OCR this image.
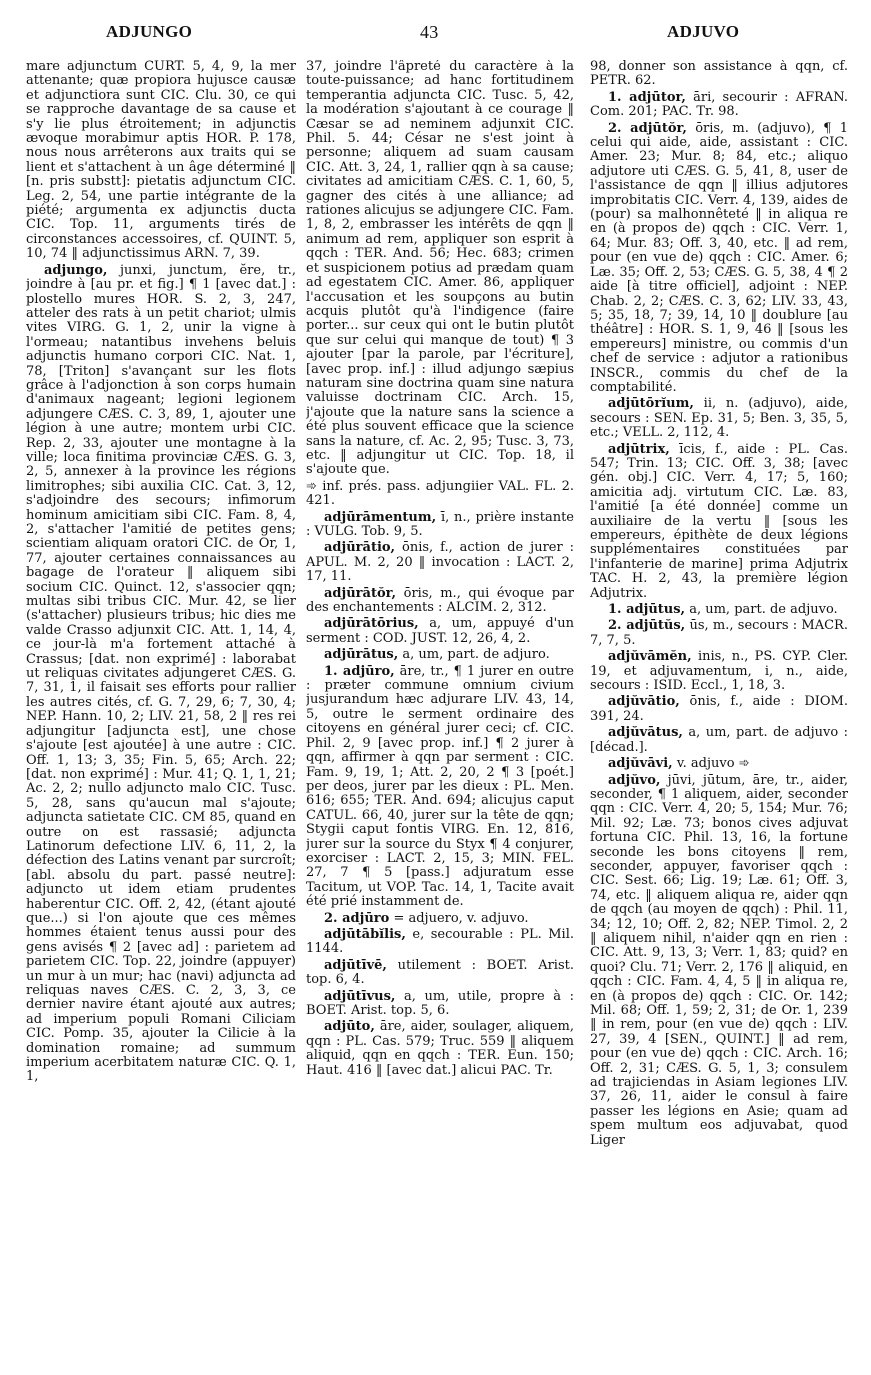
ADJUNGO	43	ADJUVO

mare adjunctum CURT. 5, 4, 9, la mer attenante; quæ propiora hujusce causæ et adjunctiora sunt CIC. Clu. 30, ce qui se rapproche davantage de sa cause et s'y lie plus étroitement; in adjunctis ævoque morabimur aptis HOR. P. 178, nous nous arrêterons aux traits qui se lient et s'attachent à un âge déterminé ‖ [n. pris substt]: pietatis adjunctum CIC. Leg. 2, 54, une partie intégrante de la piété; argumenta ex adjunctis ducta CIC. Top. 11, arguments tirés de circonstances accessoires, cf. QUINT. 5, 10, 74 ‖ adjunctissimus ARN. 7, 39.

adjungo, junxi, junctum, ĕre, tr., joindre à [au pr. et fig.] ¶ 1 [avec dat.] : plostello mures HOR. S. 2, 3, 247, atteler des rats à un petit chariot; ulmis vites VIRG. G. 1, 2, unir la vigne à l'ormeau; natantibus invehens beluis adjunctis humano corpori CIC. Nat. 1, 78, [Triton] s'avançant sur les flots grâce à l'adjonction à son corps humain d'animaux nageant; legioni legionem adjungere CÆS. C. 3, 89, 1, ajouter une légion à une autre; montem urbi CIC. Rep. 2, 33, ajouter une montagne à la ville; loca finitima provinciæ CÆS. G. 3, 2, 5, annexer à la province les régions limitrophes; sibi auxilia CIC. Cat. 3, 12, s'adjoindre des secours; infimorum hominum amicitiam sibi CIC. Fam. 8, 4, 2, s'attacher l'amitié de petites gens; scientiam aliquam oratori CIC. de Or, 1, 77, ajouter certaines connaissances au bagage de l'orateur ‖ aliquem sibi socium CIC. Quinct. 12, s'associer qqn; multas sibi tribus CIC. Mur. 42, se lier (s'attacher) plusieurs tribus; hic dies me valde Crasso adjunxit CIC. Att. 1, 14, 4, ce jour-là m'a fortement attaché à Crassus; [dat. non exprimé] : laborabat ut reliquas civitates adjungeret CÆS. G. 7, 31, 1, il faisait ses efforts pour rallier les autres cités, cf. G. 7, 29, 6; 7, 30, 4; NEP. Hann. 10, 2; LIV. 21, 58, 2 ‖ res rei adjungitur [adjuncta est], une chose s'ajoute [est ajoutée] à une autre : CIC. Off. 1, 13; 3, 35; Fin. 5, 65; Arch. 22; [dat. non exprimé] : Mur. 41; Q. 1, 1, 21; Ac. 2, 2; nullo adjuncto malo CIC. Tusc. 5, 28, sans qu'aucun mal s'ajoute; adjuncta satietate CIC. CM 85, quand en outre on est rassasié; adjuncta Latinorum defectione LIV. 6, 11, 2, la défection des Latins venant par surcroît; [abl. absolu du part. passé neutre]: adjuncto ut idem etiam prudentes haberentur CIC. Off. 2, 42, (étant ajouté que...) si l'on ajoute que ces mêmes hommes étaient tenus aussi pour des gens avisés ¶ 2 [avec ad] : parietem ad parietem CIC. Top. 22, joindre (appuyer) un mur à un mur; hac (navi) adjuncta ad reliquas naves CÆS. C. 2, 3, 3, ce dernier navire étant ajouté aux autres; ad imperium populi Romani Ciliciam CIC. Pomp. 35, ajouter la Cilicie à la domination romaine; ad summum imperium acerbitatem naturæ CIC. Q. 1, 1,

37, joindre l'âpreté du caractère à la toute-puissance; ad hanc fortitudinem temperantia adjuncta CIC. Tusc. 5, 42, la modération s'ajoutant à ce courage ‖ Cæsar se ad neminem adjunxit CIC. Phil. 5. 44; César ne s'est joint à personne; aliquem ad suam causam CIC. Att. 3, 24, 1, rallier qqn à sa cause; civitates ad amicitiam CÆS. C. 1, 60, 5, gagner des cités à une alliance; ad rationes alicujus se adjungere CIC. Fam. 1, 8, 2, embrasser les intérêts de qqn ‖ animum ad rem, appliquer son esprit à qqch : TER. And. 56; Hec. 683; crimen et suspicionem potius ad prædam quam ad egestatem CIC. Amer. 86, appliquer l'accusation et les soupçons au butin acquis plutôt qu'à l'indigence (faire porter... sur ceux qui ont le butin plutôt que sur celui qui manque de tout) ¶ 3 ajouter [par la parole, par l'écriture], [avec prop. inf.] : illud adjungo sæpius naturam sine doctrina quam sine natura valuisse doctrinam CIC. Arch. 15, j'ajoute que la nature sans la science a été plus souvent efficace que la science sans la nature, cf. Ac. 2, 95; Tusc. 3, 73, etc. ‖ adjungitur ut CIC. Top. 18, il s'ajoute que.

➾ inf. prés. pass. adjungiier VAL. FL. 2. 421.

adjūrāmentum, ī, n., prière instante : VULG. Tob. 9, 5.

adjūrātio, ōnis, f., action de jurer : APUL. M. 2, 20 ‖ invocation : LACT. 2, 17, 11.

adjūrātŏr, ōris, m., qui évoque par des enchantements : ALCIM. 2, 312.

adjūrātōrius, a, um, appuyé d'un serment : COD. JUST. 12, 26, 4, 2.

adjūrātus, a, um, part. de adjuro.

1. adjūro, āre, tr., ¶ 1 jurer en outre : præter commune omnium civium jusjurandum hæc adjurare LIV. 43, 14, 5, outre le serment ordinaire des citoyens en général jurer ceci; cf. CIC. Phil. 2, 9 [avec prop. inf.] ¶ 2 jurer à qqn, affirmer à qqn par serment : CIC. Fam. 9, 19, 1; Att. 2, 20, 2 ¶ 3 [poét.] per deos, jurer par les dieux : PL. Men. 616; 655; TER. And. 694; alicujus caput CATUL. 66, 40, jurer sur la tête de qqn; Stygii caput fontis VIRG. En. 12, 816, jurer sur la source du Styx ¶ 4 conjurer, exorciser : LACT. 2, 15, 3; MIN. FEL. 27, 7 ¶ 5 [pass.] adjuratum esse Tacitum, ut VOP. Tac. 14, 1, Tacite avait été prié instamment de.

2. adjūro = adjuero, v. adjuvo.

adjūtābĭlis, e, secourable : PL. Mil. 1144.

adjūtīvē, utilement : BOET. Arist. top. 6, 4.

adjūtīvus, a, um, utile, propre à : BOET. Arist. top. 5, 6.

adjūto, āre, aider, soulager, aliquem, qqn : PL. Cas. 579; Truc. 559 ‖ aliquem aliquid, qqn en qqch : TER. Eun. 150; Haut. 416 ‖ [avec dat.] alicui PAC. Tr.

98, donner son assistance à qqn, cf. PETR. 62.

1. adjūtor, āri, secourir : AFRAN. Com. 201; PAC. Tr. 98.

2. adjūtŏr, ōris, m. (adjuvo), ¶ 1 celui qui aide, aide, assistant : CIC. Amer. 23; Mur. 8; 84, etc.; aliquo adjutore uti CÆS. G. 5, 41, 8, user de l'assistance de qqn ‖ illius adjutores improbitatis CIC. Verr. 4, 139, aides de (pour) sa malhonnêteté ‖ in aliqua re en (à propos de) qqch : CIC. Verr. 1, 64; Mur. 83; Off. 3, 40, etc. ‖ ad rem, pour (en vue de) qqch : CIC. Amer. 6; Læ. 35; Off. 2, 53; CÆS. G. 5, 38, 4 ¶ 2 aide [à titre officiel], adjoint : NEP. Chab. 2, 2; CÆS. C. 3, 62; LIV. 33, 43, 5; 35, 18, 7; 39, 14, 10 ‖ doublure [au théâtre] : HOR. S. 1, 9, 46 ‖ [sous les empereurs] ministre, ou commis d'un chef de service : adjutor a rationibus INSCR., commis du chef de la comptabilité.

adjūtōrĭum, ii, n. (adjuvo), aide, secours : SEN. Ep. 31, 5; Ben. 3, 35, 5, etc.; VELL. 2, 112, 4.

adjūtrix, īcis, f., aide : PL. Cas. 547; Trin. 13; CIC. Off. 3, 38; [avec gén. obj.] CIC. Verr. 4, 17; 5, 160; amicitia adj. virtutum CIC. Læ. 83, l'amitié [a été donnée] comme un auxiliaire de la vertu ‖ [sous les empereurs, épithète de deux légions supplémentaires constituées par l'infanterie de marine] prima Adjutrix TAC. H. 2, 43, la première légion Adjutrix.

1. adjūtus, a, um, part. de adjuvo.

2. adjūtŭs, ūs, m., secours : MACR. 7, 7, 5.

adjŭvāmĕn, inis, n., PS. CYP. Cler. 19, et adjuvamentum, i, n., aide, secours : ISID. Eccl., 1, 18, 3.

adjŭvātio, ōnis, f., aide : DIOM. 391, 24.

adjŭvātus, a, um, part. de adjuvo : [décad.].

adjŭvāvi, v. adjuvo ➾

adjŭvo, jūvi, jūtum, āre, tr., aider, seconder, ¶ 1 aliquem, aider, seconder qqn : CIC. Verr. 4, 20; 5, 154; Mur. 76; Mil. 92; Læ. 73; bonos cives adjuvat fortuna CIC. Phil. 13, 16, la fortune seconde les bons citoyens ‖ rem, seconder, appuyer, favoriser qqch : CIC. Sest. 66; Lig. 19; Læ. 61; Off. 3, 74, etc. ‖ aliquem aliqua re, aider qqn de qqch (au moyen de qqch) : Phil. 11, 34; 12, 10; Off. 2, 82; NEP. Timol. 2, 2 ‖ aliquem nihil, n'aider qqn en rien : CIC. Att. 9, 13, 3; Verr. 1, 83; quid? en quoi? Clu. 71; Verr. 2, 176 ‖ aliquid, en qqch : CIC. Fam. 4, 4, 5 ‖ in aliqua re, en (à propos de) qqch : CIC. Or. 142; Mil. 68; Off. 1, 59; 2, 31; de Or. 1, 239 ‖ in rem, pour (en vue de) qqch : LIV. 27, 39, 4 [SEN., QUINT.] ‖ ad rem, pour (en vue de) qqch : CIC. Arch. 16; Off. 2, 31; CÆS. G. 5, 1, 3; consulem ad trajiciendas in Asiam legiones LIV. 37, 26, 11, aider le consul à faire passer les légions en Asie; quam ad spem multum eos adjuvabat, quod Liger
